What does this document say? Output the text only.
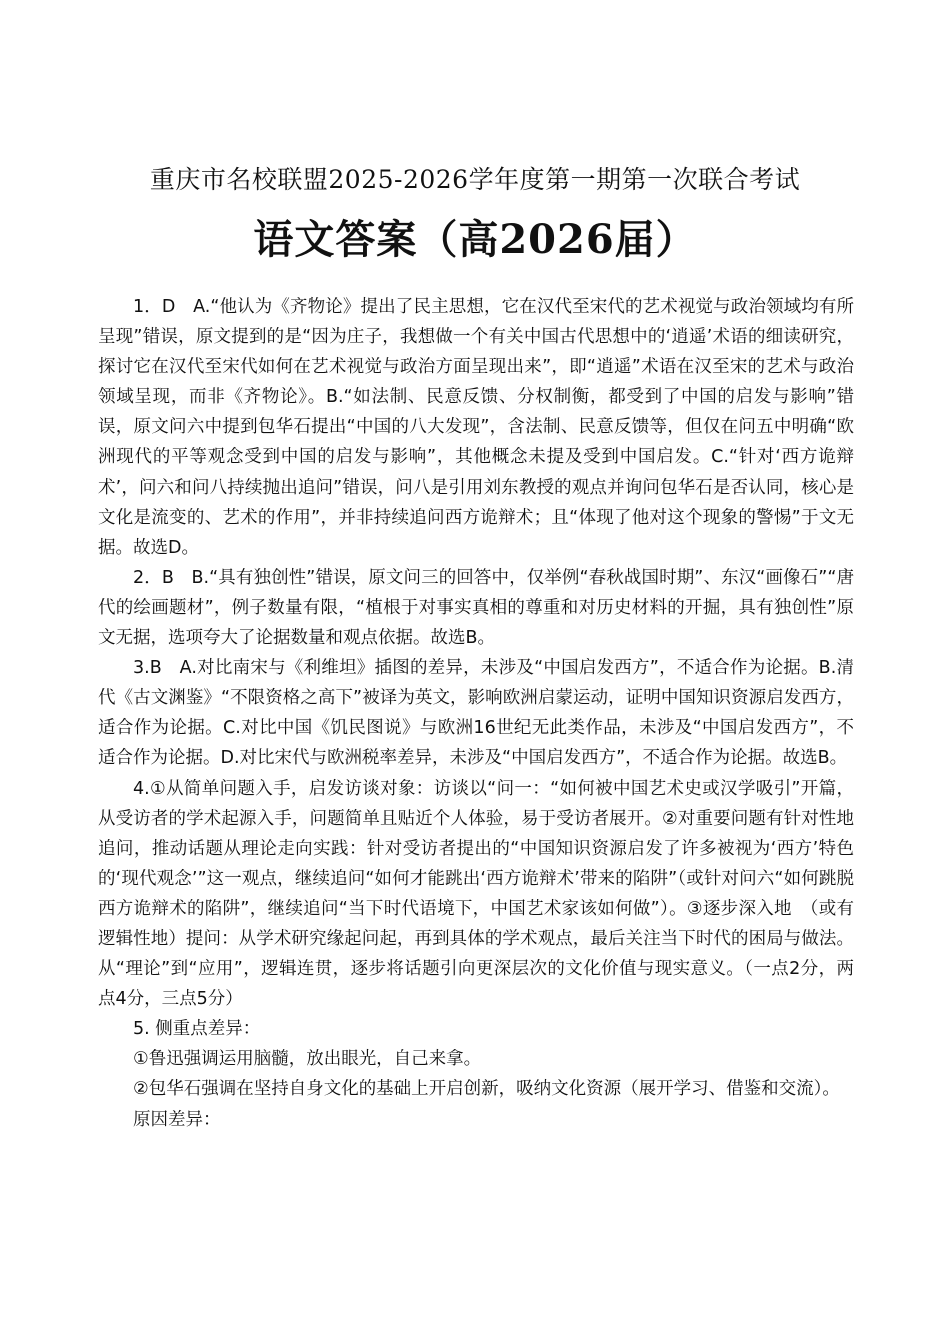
重庆市名校联盟2025-2026学年度第一期第一次联合考试
语文答案（高2026届）

1．D　A.“他认为《齐物论》提出了民主思想，它在汉代至宋代的艺术视觉与政治领域均有所呈现”错误，原文提到的是“因为庄子，我想做一个有关中国古代思想中的‘逍遥’术语的细读研究，探讨它在汉代至宋代如何在艺术视觉与政治方面呈现出来”，即“逍遥”术语在汉至宋的艺术与政治领域呈现，而非《齐物论》。B.“如法制、民意反馈、分权制衡，都受到了中国的启发与影响”错误，原文问六中提到包华石提出“中国的八大发现”，含法制、民意反馈等，但仅在问五中明确“欧洲现代的平等观念受到中国的启发与影响”，其他概念未提及受到中国启发。C.“针对‘西方诡辩术’，问六和问八持续抛出追问”错误，问八是引用刘东教授的观点并询问包华石是否认同，核心是文化是流变的、艺术的作用”，并非持续追问西方诡辩术；且“体现了他对这个现象的警惕”于文无据。故选D。

2．B　B.“具有独创性”错误，原文问三的回答中，仅举例“春秋战国时期”、东汉“画像石”“唐代的绘画题材”，例子数量有限，“植根于对事实真相的尊重和对历史材料的开掘，具有独创性”原文无据，选项夸大了论据数量和观点依据。故选B。

3.B　A.对比南宋与《利维坦》插图的差异，未涉及“中国启发西方”，不适合作为论据。B.清代《古文渊鉴》“不限资格之高下”被译为英文，影响欧洲启蒙运动，证明中国知识资源启发西方，适合作为论据。C.对比中国《饥民图说》与欧洲16世纪无此类作品，未涉及“中国启发西方”，不适合作为论据。D.对比宋代与欧洲税率差异，未涉及“中国启发西方”，不适合作为论据。故选B。

4.①从简单问题入手，启发访谈对象：访谈以“问一：“如何被中国艺术史或汉学吸引”开篇，从受访者的学术起源入手，问题简单且贴近个人体验，易于受访者展开。②对重要问题有针对性地追问，推动话题从理论走向实践：针对受访者提出的“中国知识资源启发了许多被视为‘西方’特色的‘现代观念’”这一观点，继续追问“如何才能跳出‘西方诡辩术’带来的陷阱”（或针对问六“如何跳脱西方诡辩术的陷阱”，继续追问“当下时代语境下，中国艺术家该如何做”）。③逐步深入地　（或有逻辑性地）提问：从学术研究缘起问起，再到具体的学术观点，最后关注当下时代的困局与做法。从“理论”到“应用”，逻辑连贯，逐步将话题引向更深层次的文化价值与现实意义。（一点2分，两点4分，三点5分）

5. 侧重点差异：

①鲁迅强调运用脑髓，放出眼光，自己来拿。

②包华石强调在坚持自身文化的基础上开启创新，吸纳文化资源（展开学习、借鉴和交流）。

原因差异：
